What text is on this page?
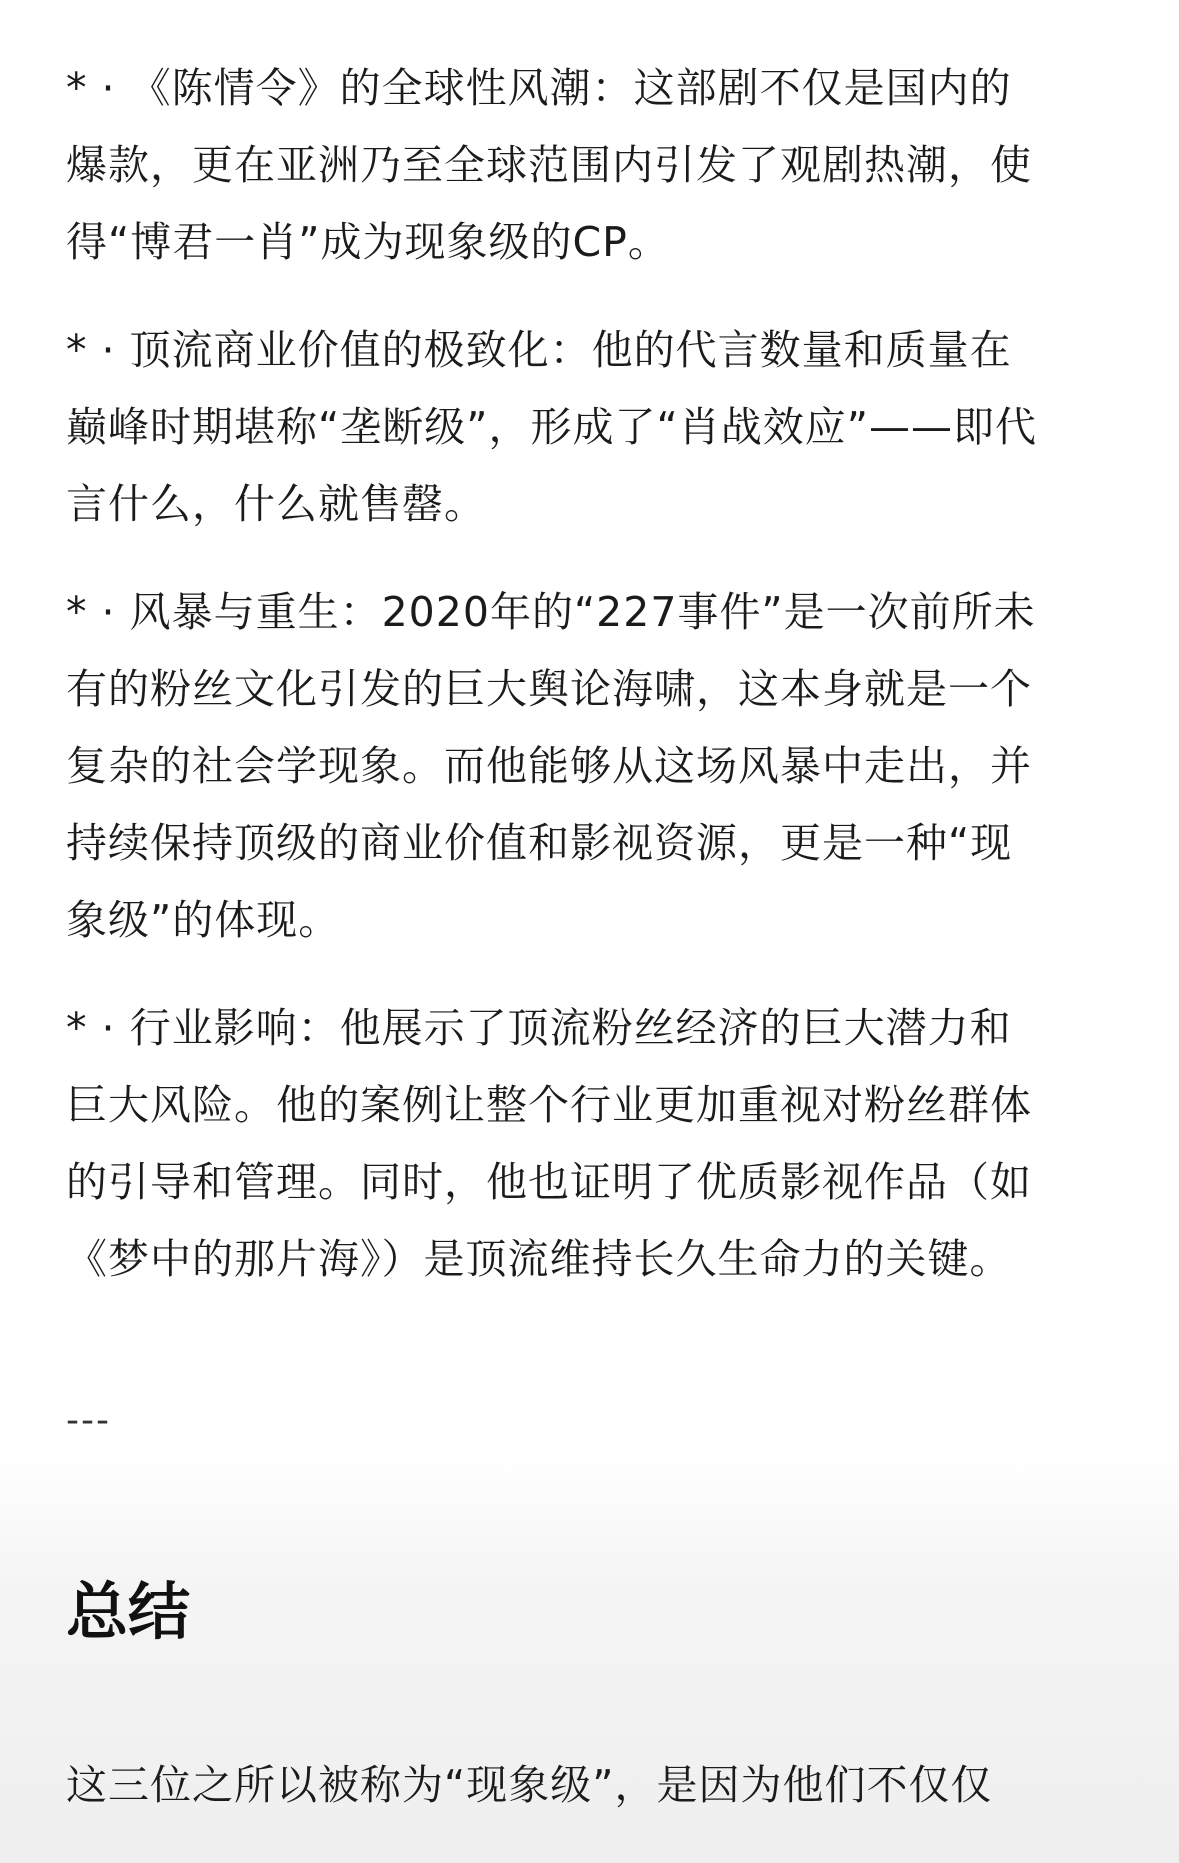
* · 《陈情令》的全球性风潮：这部剧不仅是国内的
爆款，更在亚洲乃至全球范围内引发了观剧热潮，使
得“博君一肖”成为现象级的CP。
* · 顶流商业价值的极致化：他的代言数量和质量在
巅峰时期堪称“垄断级”，形成了“肖战效应”——即代
言什么，什么就售罄。
* · 风暴与重生：2020年的“227事件”是一次前所未
有的粉丝文化引发的巨大舆论海啸，这本身就是一个
复杂的社会学现象。而他能够从这场风暴中走出，并
持续保持顶级的商业价值和影视资源，更是一种“现
象级”的体现。
* · 行业影响：他展示了顶流粉丝经济的巨大潜力和
巨大风险。他的案例让整个行业更加重视对粉丝群体
的引导和管理。同时，他也证明了优质影视作品（如
《梦中的那片海》）是顶流维持长久生命力的关键。
---
总结
这三位之所以被称为“现象级”，是因为他们不仅仅
